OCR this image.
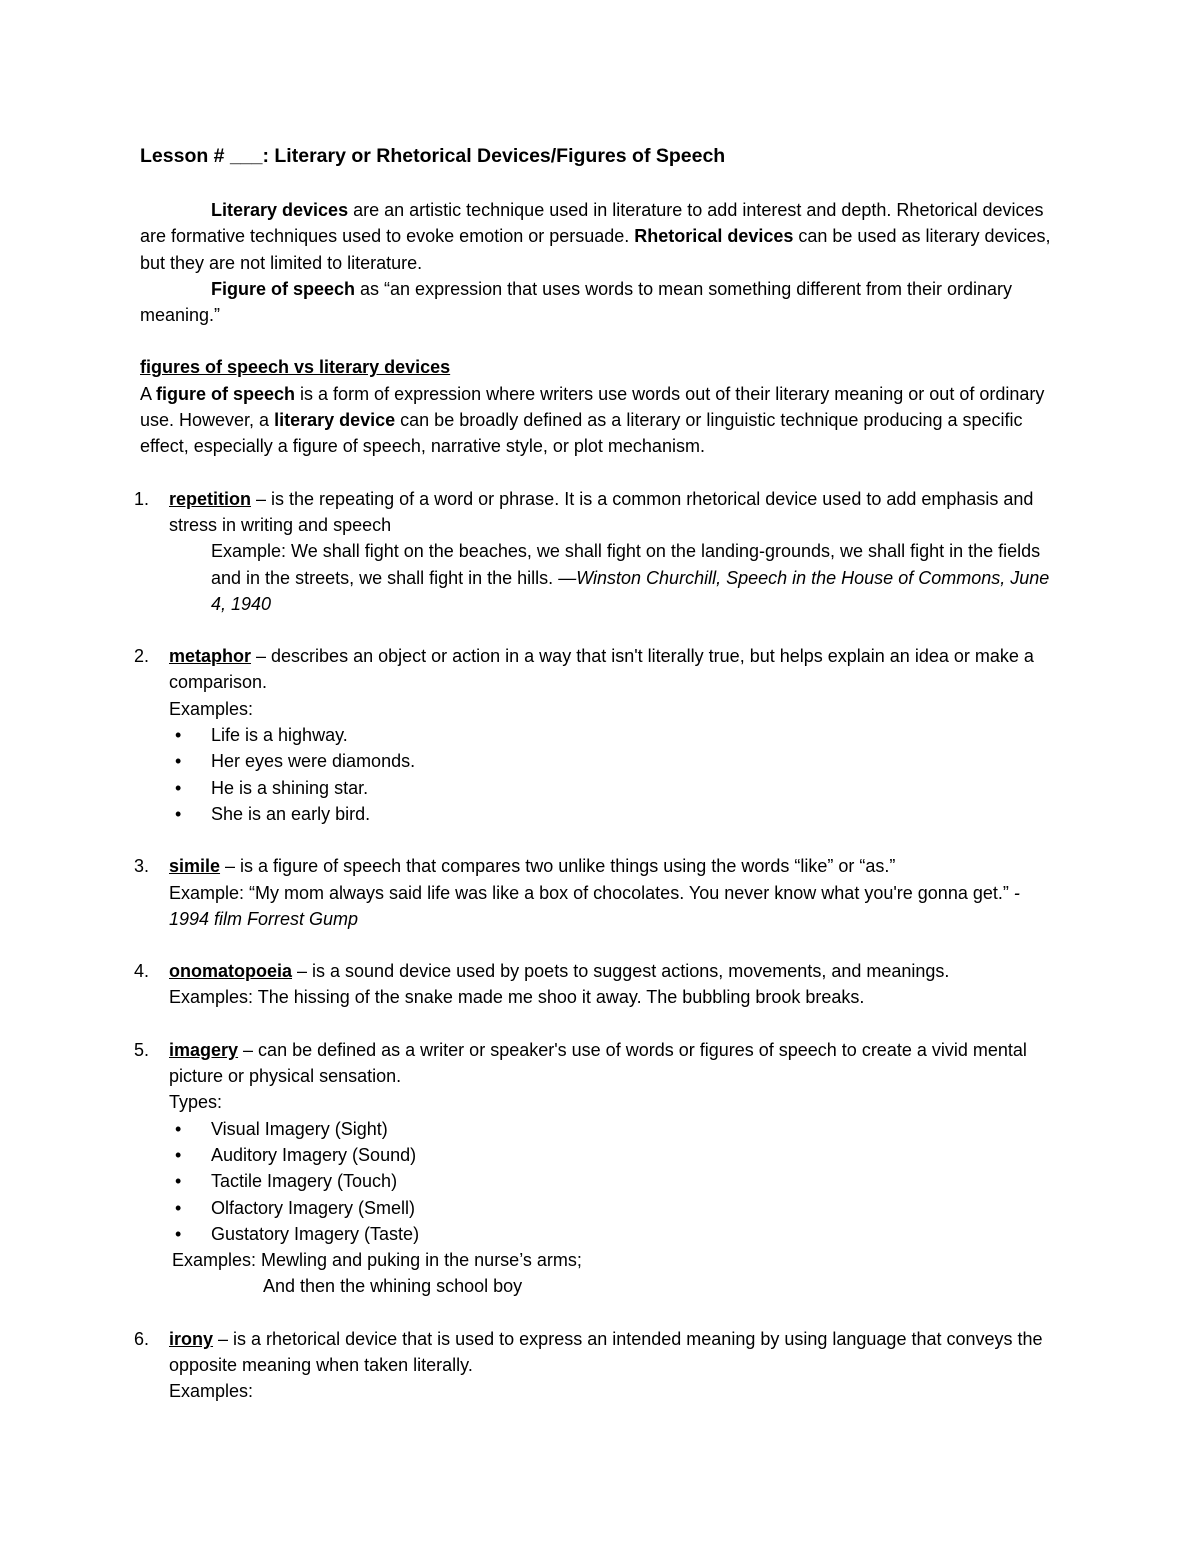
Lesson # ___: Literary or Rhetorical Devices/Figures of Speech

Literary devices are an artistic technique used in literature to add interest and depth. Rhetorical devices are formative techniques used to evoke emotion or persuade. Rhetorical devices can be used as literary devices, but they are not limited to literature.

Figure of speech as “an expression that uses words to mean something different from their ordinary meaning.”

figures of speech vs literary devices

A figure of speech is a form of expression where writers use words out of their literary meaning or out of ordinary use. However, a literary device can be broadly defined as a literary or linguistic technique producing a specific effect, especially a figure of speech, narrative style, or plot mechanism.

1. repetition – is the repeating of a word or phrase. It is a common rhetorical device used to add emphasis and stress in writing and speech

Example: We shall fight on the beaches, we shall fight on the landing-grounds, we shall fight in the fields and in the streets, we shall fight in the hills. —Winston Churchill, Speech in the House of Commons, June 4, 1940

2. metaphor – describes an object or action in a way that isn't literally true, but helps explain an idea or make a comparison.

Examples:

• Life is a highway.
• Her eyes were diamonds.
• He is a shining star.
• She is an early bird.
3. simile – is a figure of speech that compares two unlike things using the words “like” or “as.”

Example: “My mom always said life was like a box of chocolates. You never know what you're gonna get.” - 1994 film Forrest Gump

4. onomatopoeia – is a sound device used by poets to suggest actions, movements, and meanings.

Examples: The hissing of the snake made me shoo it away. The bubbling brook breaks.

5. imagery – can be defined as a writer or speaker's use of words or figures of speech to create a vivid mental picture or physical sensation.

Types:

• Visual Imagery (Sight)
• Auditory Imagery (Sound)
• Tactile Imagery (Touch)
• Olfactory Imagery (Smell)
• Gustatory Imagery (Taste)

Examples: Mewling and puking in the nurse’s arms;

And then the whining school boy

6. irony – is a rhetorical device that is used to express an intended meaning by using language that conveys the opposite meaning when taken literally.

Examples:
